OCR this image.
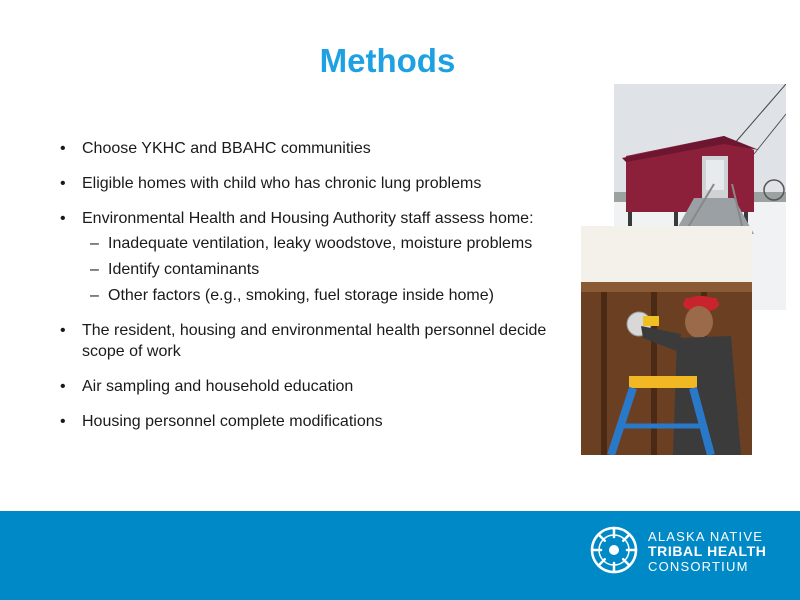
Methods
• Choose YKHC and BBAHC communities
• Eligible homes with child who has chronic lung problems
• Environmental Health and Housing Authority staff assess home:
– Inadequate ventilation, leaky woodstove, moisture problems
– Identify contaminants
– Other factors (e.g., smoking, fuel storage inside home)
• The resident, housing and environmental health personnel decide scope of work
• Air sampling and household education
• Housing personnel complete modifications
ALASKA NATIVE
TRIBAL HEALTH
CONSORTIUM
